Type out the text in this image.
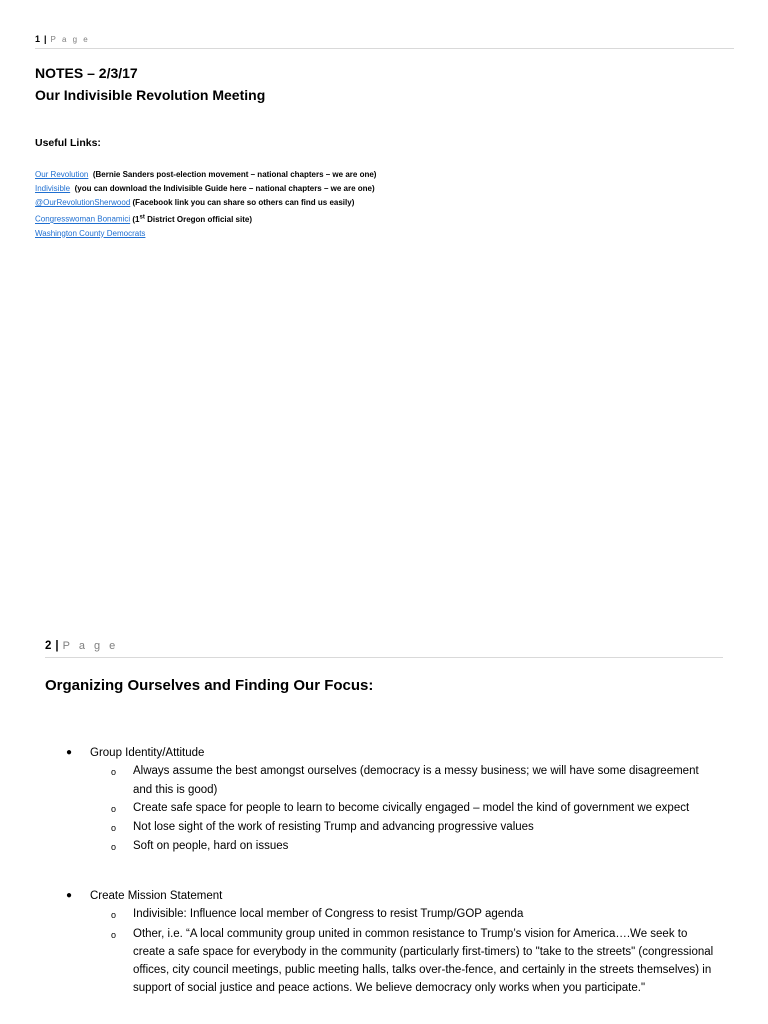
1 | P a g e
NOTES – 2/3/17
Our Indivisible Revolution Meeting
Useful Links:
Our Revolution (Bernie Sanders post-election movement – national chapters – we are one)
Indivisible (you can download the Indivisible Guide here – national chapters – we are one)
@OurRevolutionSherwood (Facebook link you can share so others can find us easily)
Congresswoman Bonamici (1st District Oregon official site)
Washington County Democrats
2 | P a g e
Organizing Ourselves and Finding Our Focus:
●	Group Identity/Attitude
o	Always assume the best amongst ourselves (democracy is a messy business; we will have some disagreement and this is good)
o	Create safe space for people to learn to become civically engaged – model the kind of government we expect
o	Not lose sight of the work of resisting Trump and advancing progressive values
o	Soft on people, hard on issues
●	Create Mission Statement
o	Indivisible: Influence local member of Congress to resist Trump/GOP agenda
o	Other, i.e. “A local community group united in common resistance to Trump’s vision for America….We seek to create a safe space for everybody in the community (particularly first-timers) to "take to the streets" (congressional offices, city council meetings, public meeting halls, talks over-the-fence, and certainly in the streets themselves) in support of social justice and peace actions. We believe democracy only works when you participate."
